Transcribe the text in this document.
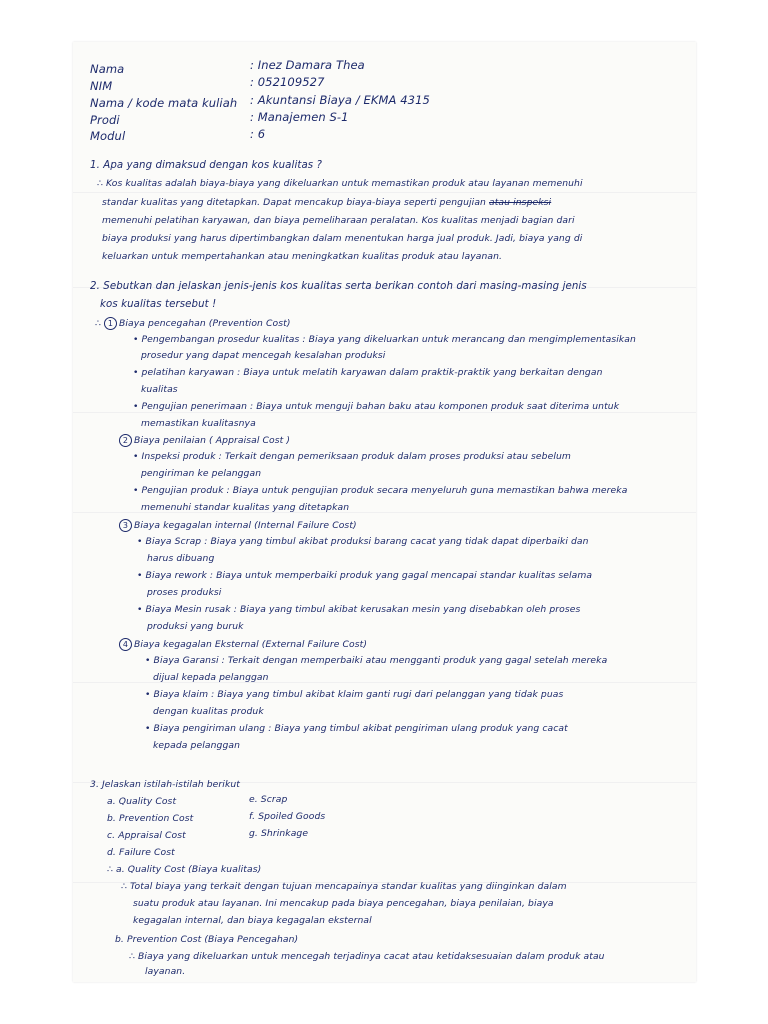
Nama	: Inez Damara Thea
NIM	: 052109527
Nama / kode mata kuliah : Akuntansi Biaya / EKMA 4315
Prodi	: Manajemen S-1
Modul	: 6
1. Apa yang dimaksud dengan kos kualitas ?
∴ Kos kualitas adalah biaya-biaya yang dikeluarkan untuk memastikan produk atau layanan memenuhi
standar kualitas yang ditetapkan. Dapat mencakup biaya-biaya seperti pengujian atau inspeksi
memenuhi pelatihan karyawan, dan biaya pemeliharaan peralatan. Kos kualitas menjadi bagian dari
biaya produksi yang harus dipertimbangkan dalam menentukan harga jual produk. Jadi, biaya yang di
keluarkan untuk mempertahankan atau meningkatkan kualitas produk atau layanan.
2. Sebutkan dan jelaskan jenis-jenis kos kualitas serta berikan contoh dari masing-masing jenis
kos kualitas tersebut !
∴ 1 Biaya pencegahan (Prevention Cost)
• Pengembangan prosedur kualitas : Biaya yang dikeluarkan untuk merancang dan mengimplementasikan
prosedur yang dapat mencegah kesalahan produksi
• pelatihan karyawan : Biaya untuk melatih karyawan dalam praktik-praktik yang berkaitan dengan
kualitas
• Pengujian penerimaan : Biaya untuk menguji bahan baku atau komponen produk saat diterima untuk
memastikan kualitasnya
2 Biaya penilaian ( Appraisal Cost )
• Inspeksi produk : Terkait dengan pemeriksaan produk dalam proses produksi atau sebelum
pengiriman ke pelanggan
• Pengujian produk : Biaya untuk pengujian produk secara menyeluruh guna memastikan bahwa mereka
memenuhi standar kualitas yang ditetapkan
3 Biaya kegagalan internal (Internal Failure Cost)
• Biaya Scrap : Biaya yang timbul akibat produksi barang cacat yang tidak dapat diperbaiki dan
harus dibuang
• Biaya rework : Biaya untuk memperbaiki produk yang gagal mencapai standar kualitas selama
proses produksi
• Biaya Mesin rusak : Biaya yang timbul akibat kerusakan mesin yang disebabkan oleh proses
produksi yang buruk
4 Biaya kegagalan Eksternal (External Failure Cost)
• Biaya Garansi : Terkait dengan memperbaiki atau mengganti produk yang gagal setelah mereka
dijual kepada pelanggan
• Biaya klaim : Biaya yang timbul akibat klaim ganti rugi dari pelanggan yang tidak puas
dengan kualitas produk
• Biaya pengiriman ulang : Biaya yang timbul akibat pengiriman ulang produk yang cacat
kepada pelanggan
3. Jelaskan istilah-istilah berikut
a. Quality Cost
b. Prevention Cost
c. Appraisal Cost
d. Failure Cost
e. Scrap
f. Spoiled Goods
g. Shrinkage
∴ a. Quality Cost (Biaya kualitas)
∴ Total biaya yang terkait dengan tujuan mencapainya standar kualitas yang diinginkan dalam
suatu produk atau layanan. Ini mencakup pada biaya pencegahan, biaya penilaian, biaya
kegagalan internal, dan biaya kegagalan eksternal
b. Prevention Cost (Biaya Pencegahan)
∴ Biaya yang dikeluarkan untuk mencegah terjadinya cacat atau ketidaksesuaian dalam produk atau
layanan.
